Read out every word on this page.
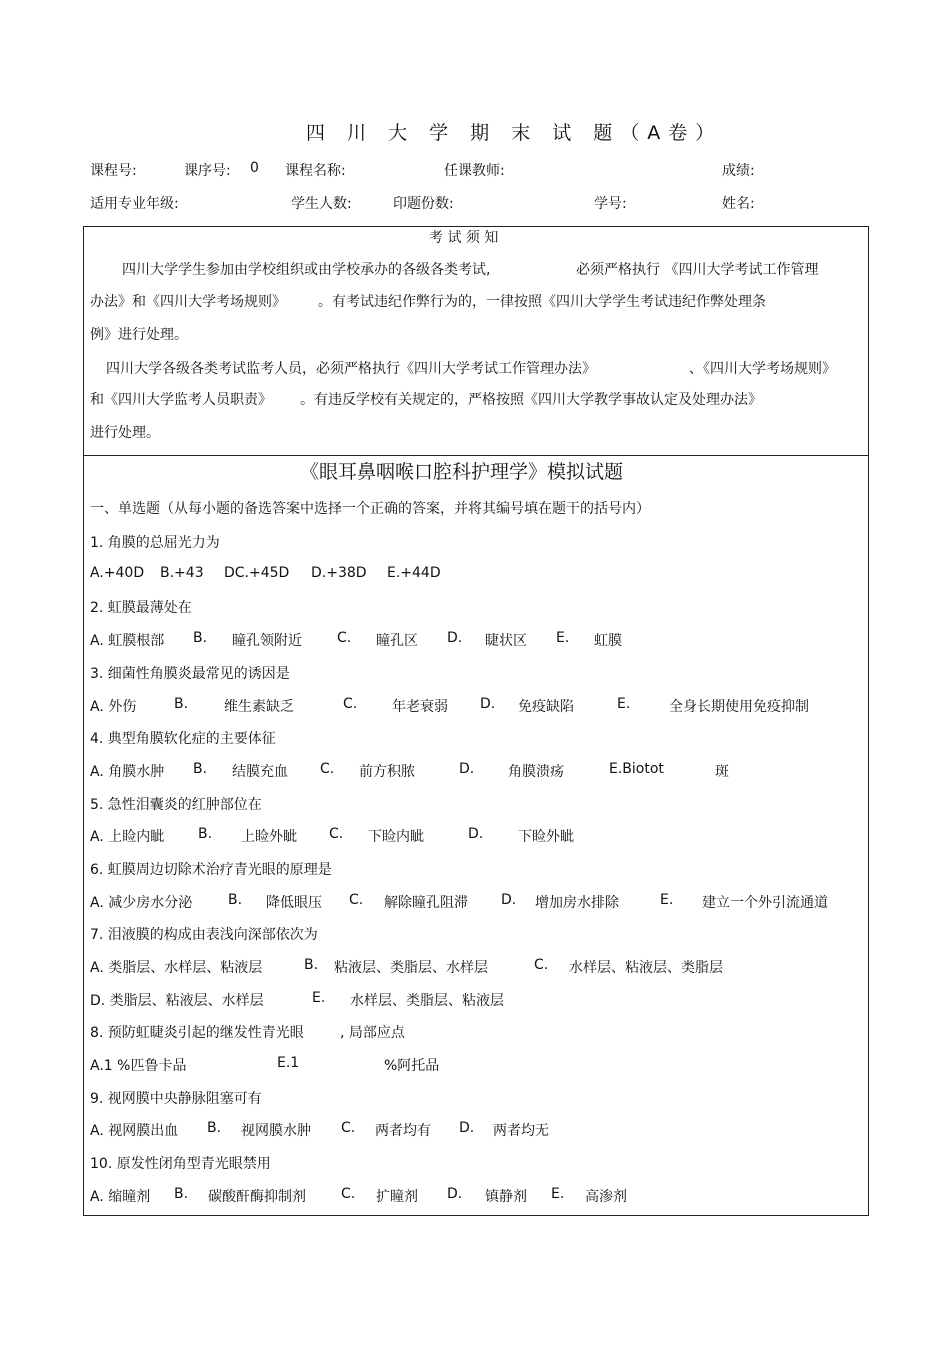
四 川 大 学 期 末 试 题（A卷）
课程号:	课序号: 0 课程名称:	任课教师:	成绩:
适用专业年级:	学生人数:	印题份数:	学号:	姓名:
考 试 须 知
四川大学学生参加由学校组织或由学校承办的各级各类考试,	必须严格执行 《四川大学考试工作管理
办法》和《四川大学考场规则》 。有考试违纪作弊行为的，一律按照《四川大学学生考试违纪作弊处理条
例》进行处理。
四川大学各级各类考试监考人员，必须严格执行《四川大学考试工作管理办法》	、《四川大学考场规则》
和《四川大学监考人员职责》 。有违反学校有关规定的，严格按照《四川大学教学事故认定及处理办法》
进行处理。
《眼耳鼻咽喉口腔科护理学》模拟试题
一、单选题（从每小题的备选答案中选择一个正确的答案，并将其编号填在题干的括号内）
1. 角膜的总屈光力为
A.+40D B.+43 DC.+45D D.+38D E.+44D
2. 虹膜最薄处在
A. 虹膜根部 B. 瞳孔领附近	C. 瞳孔区 D. 睫状区 E. 虹膜
3. 细菌性角膜炎最常见的诱因是
A. 外伤	B.	维生素缺乏	C. 年老衰弱 D. 免疫缺陷	E.	全身长期使用免疫抑制
4. 典型角膜软化症的主要体征
A. 角膜水肿 B. 结膜充血 C. 前方积脓	D. 角膜溃疡	E.Biotot	斑
5. 急性泪囊炎的红肿部位在
A. 上睑内眦 B. 上睑外眦 C. 下睑内眦	D. 下睑外眦
6. 虹膜周边切除术治疗青光眼的原理是
A. 减少房水分泌	B. 降低眼压 C. 解除瞳孔阻滞 D. 增加房水排除	E. 建立一个外引流通道
7. 泪液膜的构成由表浅向深部依次为
A. 类脂层、水样层、粘液层	B. 粘液层、类脂层、水样层	C. 水样层、粘液层、类脂层
D. 类脂层、粘液层、水样层	E. 水样层、类脂层、粘液层
8. 预防虹睫炎引起的继发性青光眼	, 局部应点
A.1 %匹鲁卡品	E.1	%阿托品
9. 视网膜中央静脉阻塞可有
A. 视网膜出血 B. 视网膜水肿 C. 两者均有 D. 两者均无
10. 原发性闭角型青光眼禁用
A. 缩瞳剂 B. 碳酸酐酶抑制剂	C. 扩瞳剂 D. 镇静剂 E. 高渗剂
